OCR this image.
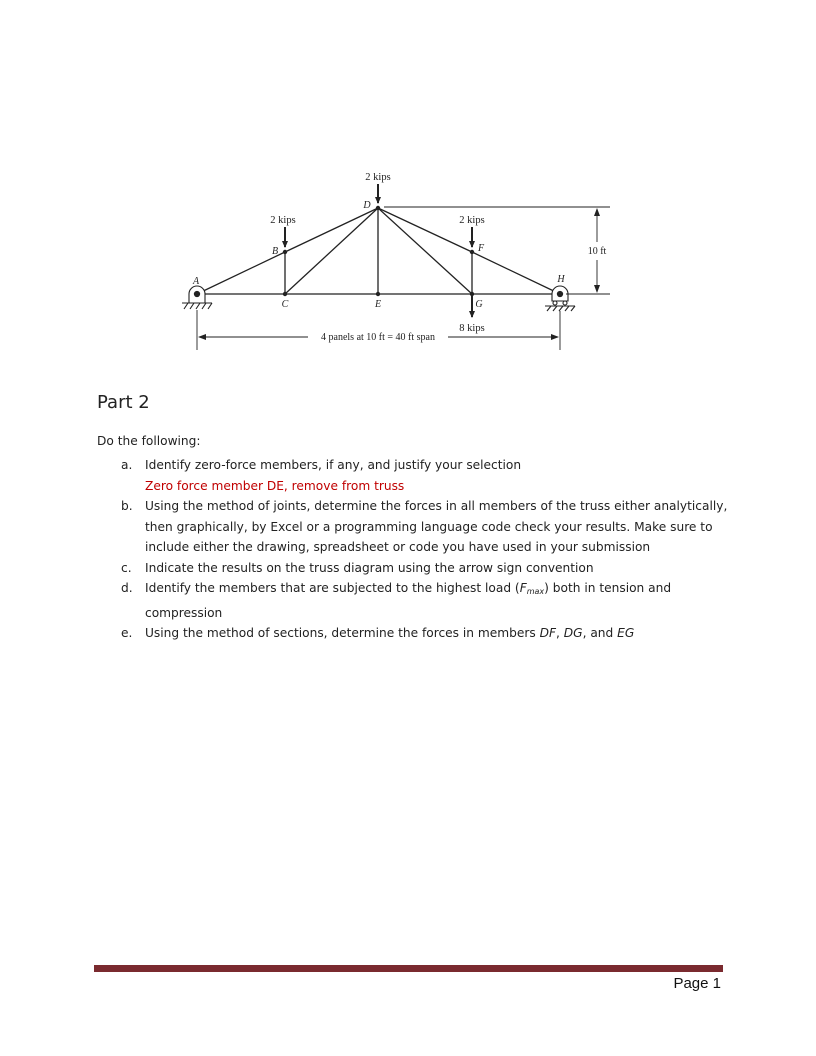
2 kips
2 kips	2 kips
8 kips
A
B
C
D
E
F
G
H
10 ft
4 panels at 10 ft = 40 ft span
Part 2
Do the following:
a. Identify zero-force members, if any, and justify your selection
Zero force member DE, remove from truss
b. Using the method of joints, determine the forces in all members of the truss either analytically, then graphically, by Excel or a programming language code check your results. Make sure to include either the drawing, spreadsheet or code you have used in your submission
c. Indicate the results on the truss diagram using the arrow sign convention
d. Identify the members that are subjected to the highest load $(F_{max})$ both in tension and compression
e. Using the method of sections, determine the forces in members DF, DG, and EG
Page 1
